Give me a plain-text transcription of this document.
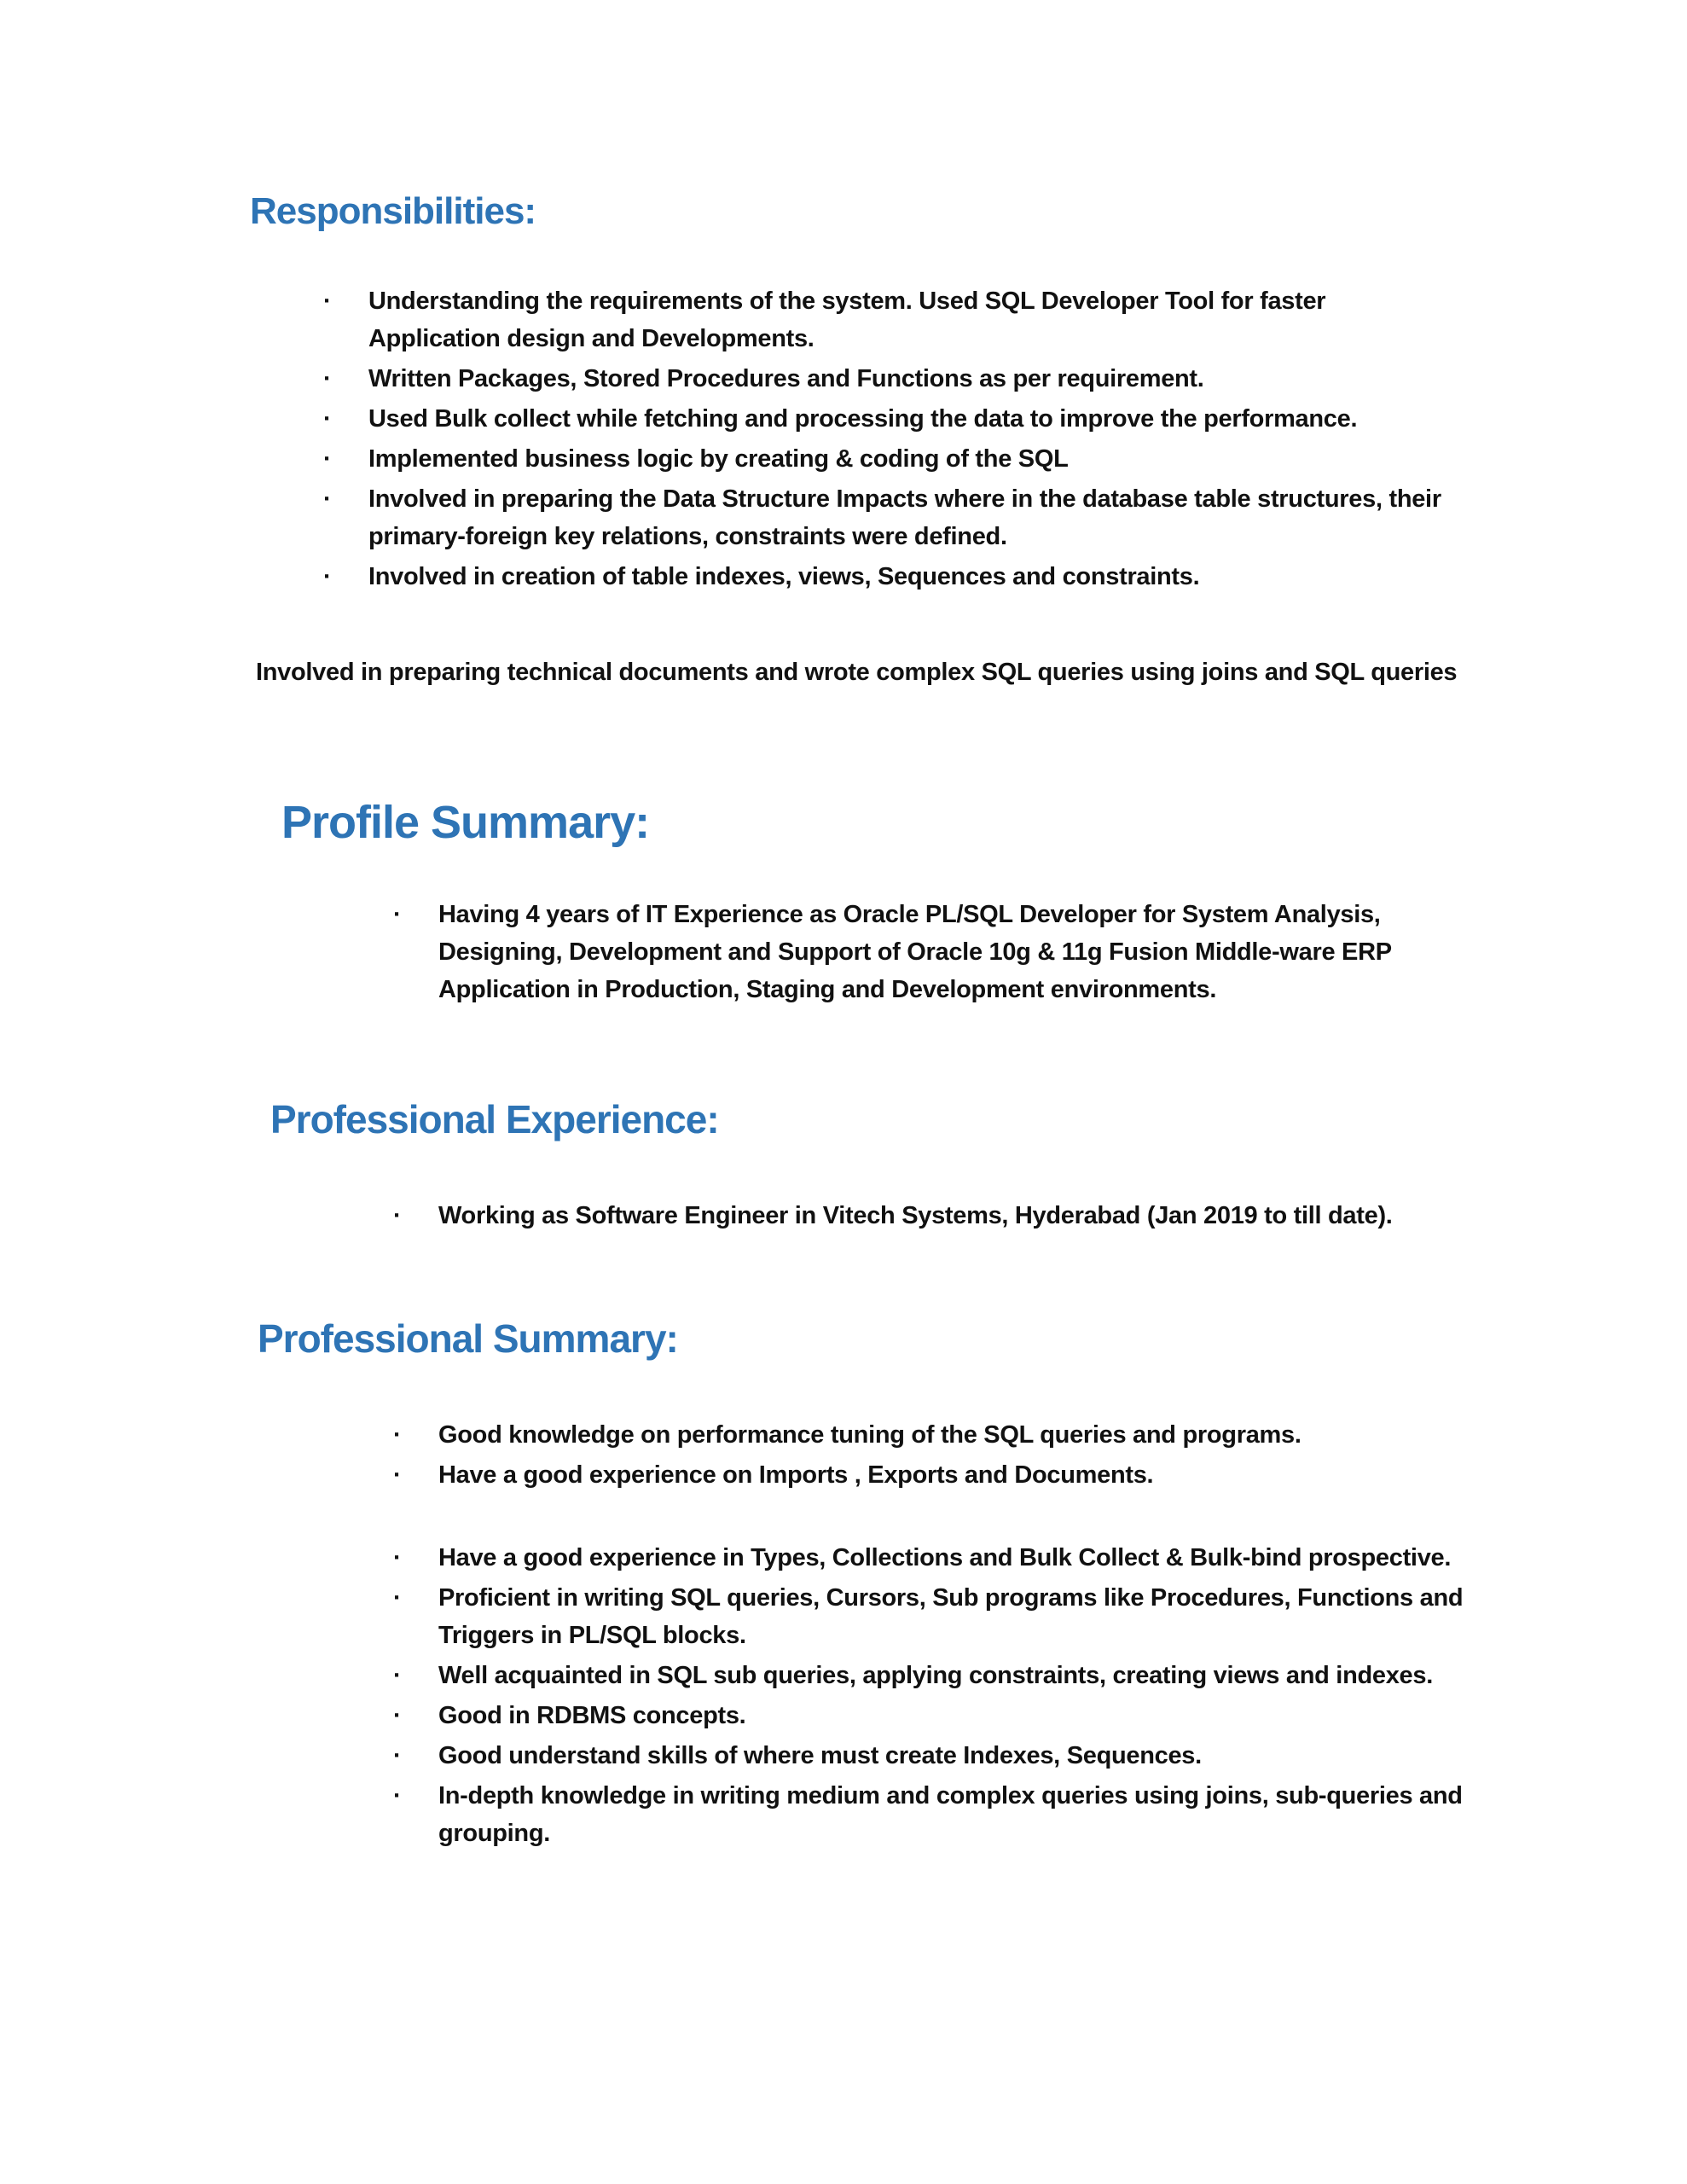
Responsibilities:
· Understanding the requirements of the system. Used SQL Developer Tool for faster Application design and Developments.
· Written Packages, Stored Procedures and Functions as per requirement.
· Used Bulk collect while fetching and processing the data to improve the performance.
· Implemented business logic by creating & coding of the SQL
· Involved in preparing the Data Structure Impacts where in the database table structures, their primary-foreign key relations, constraints were defined.
· Involved in creation of table indexes, views, Sequences and constraints.

Involved in preparing technical documents and wrote complex SQL queries using joins and SQL queries

Profile Summary:
· Having 4 years of IT Experience as Oracle PL/SQL Developer for System Analysis, Designing, Development and Support of Oracle 10g & 11g Fusion Middle-ware ERP Application in Production, Staging and Development environments.
Professional Experience:
· Working as Software Engineer in Vitech Systems, Hyderabad (Jan 2019 to till date).
Professional Summary:
· Good knowledge on performance tuning of the SQL queries and programs.
· Have a good experience on Imports , Exports and Documents.
· Have a good experience in Types, Collections and Bulk Collect & Bulk-bind prospective.
· Proficient in writing SQL queries, Cursors, Sub programs like Procedures, Functions and Triggers in PL/SQL blocks.
· Well acquainted in SQL sub queries, applying constraints, creating views and indexes.
· Good in RDBMS concepts.
· Good understand skills of where must create Indexes, Sequences.
· In-depth knowledge in writing medium and complex queries using joins, sub-queries and grouping.
